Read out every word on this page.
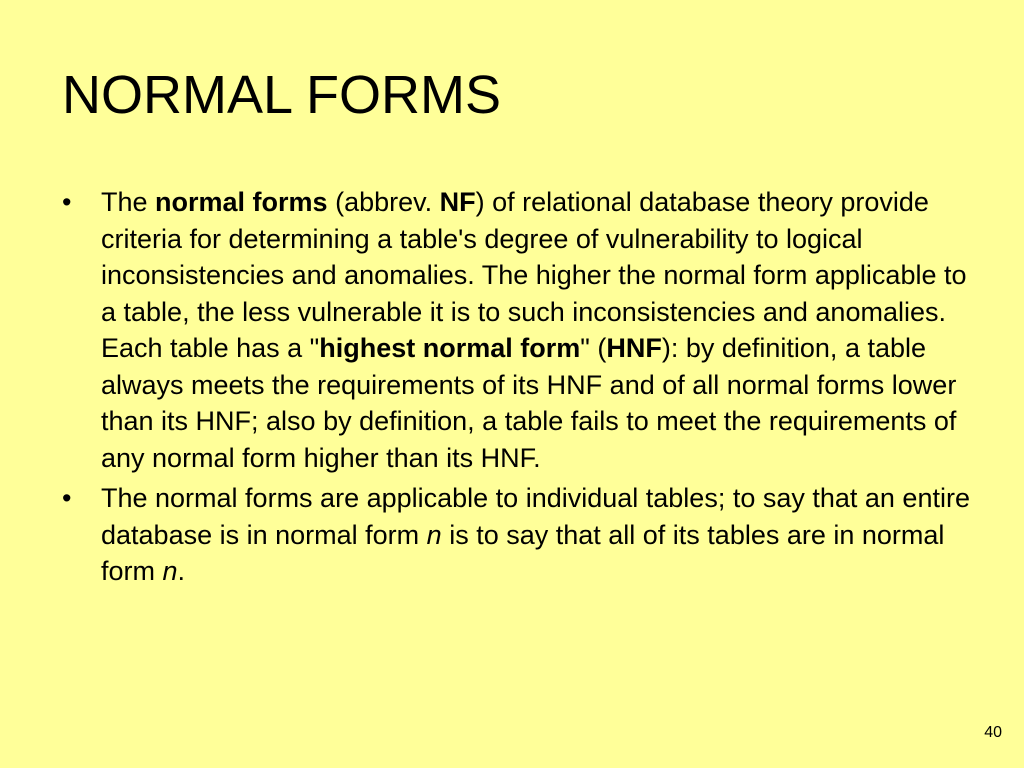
NORMAL FORMS
• The normal forms (abbrev. NF) of relational database theory provide criteria for determining a table's degree of vulnerability to logical inconsistencies and anomalies. The higher the normal form applicable to a table, the less vulnerable it is to such inconsistencies and anomalies. Each table has a "highest normal form" (HNF): by definition, a table always meets the requirements of its HNF and of all normal forms lower than its HNF; also by definition, a table fails to meet the requirements of any normal form higher than its HNF.
• The normal forms are applicable to individual tables; to say that an entire database is in normal form n is to say that all of its tables are in normal form n.
40
